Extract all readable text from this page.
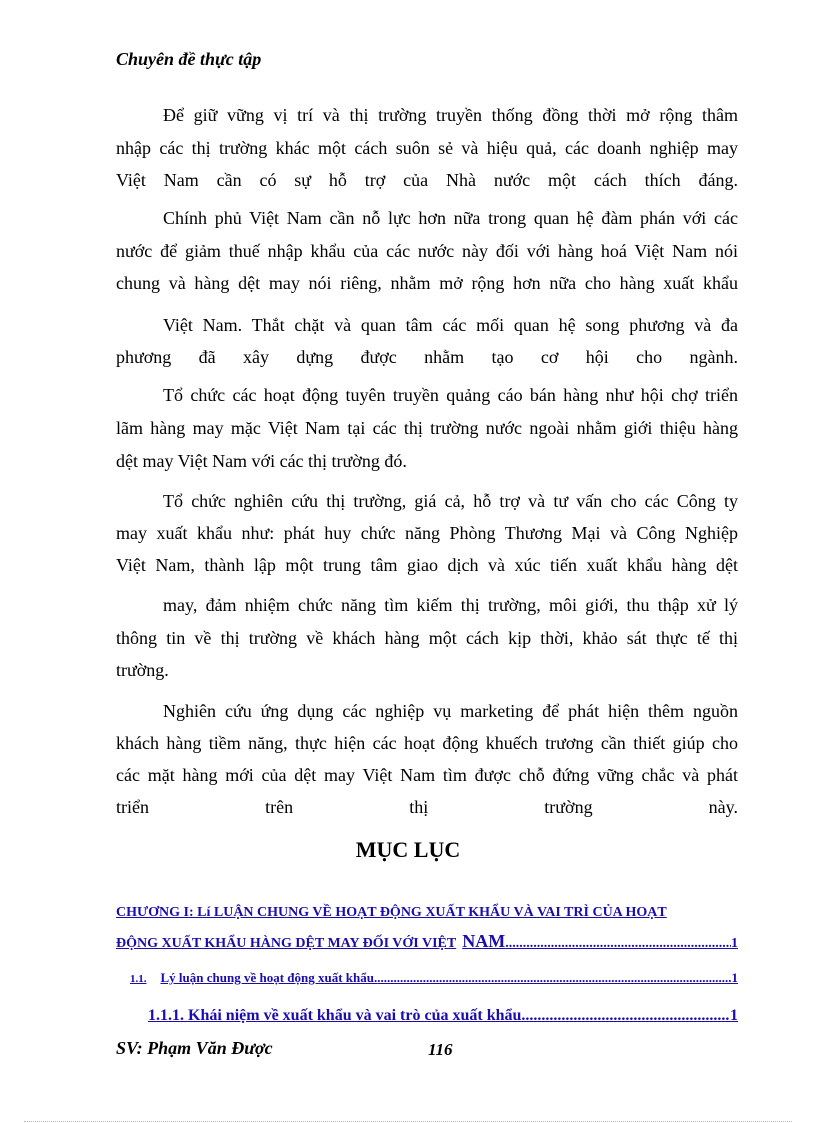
Chuyên đề thực tập
Để giữ vững vị trí và thị trường truyền thống đồng thời mở rộng thâm
nhập các thị trường khác một cách suôn sẻ và hiệu quả, các doanh nghiệp may
Việt Nam cần có sự hỗ trợ của Nhà nước một cách thích đáng.
Chính phủ Việt Nam cần nỗ lực hơn nữa trong quan hệ đàm phán với các
nước để giảm thuế nhập khẩu của các nước này đối với hàng hoá Việt Nam nói
chung và hàng dệt may nói riêng, nhằm mở rộng hơn nữa cho hàng xuất khẩu
Việt Nam. Thắt chặt và quan tâm các mối quan hệ song phương và đa
phương đã xây dựng được nhằm tạo cơ hội cho ngành.
Tổ chức các hoạt động tuyên truyền quảng cáo bán hàng như hội chợ triển
lãm hàng may mặc Việt Nam tại các thị trường nước ngoài nhằm giới thiệu hàng
dệt may Việt Nam với các thị trường đó.
Tổ chức nghiên cứu thị trường, giá cả, hỗ trợ và tư vấn cho các Công ty
may xuất khẩu như: phát huy chức năng Phòng Thương Mại và Công Nghiệp
Việt Nam, thành lập một trung tâm giao dịch và xúc tiến xuất khẩu hàng dệt
may, đảm nhiệm chức năng tìm kiếm thị trường, môi giới, thu thập xử lý
thông tin về thị trường về khách hàng một cách kịp thời, khảo sát thực tế thị
trường.
Nghiên cứu ứng dụng các nghiệp vụ marketing để phát hiện thêm nguồn
khách hàng tiềm năng, thực hiện các hoạt động khuếch trương cần thiết giúp cho
các mặt hàng mới của dệt may Việt Nam tìm được chỗ đứng vững chắc và phát
triển trên thị trường này.
MỤC LỤC
CHƯƠNG I: Lí LUẬN CHUNG VỀ HOẠT ĐỘNG XUẤT KHẨU VÀ VAI TRÌ CỦA HOẠT
ĐỘNG XUẤT KHẨU HÀNG DỆT MAY ĐỐI VỚI VIỆT NAM .....	1
1.1. Lý luận chung về hoạt động xuất khẩu. .....	1
1.1.1. Khái niệm về xuất khẩu và vai trò của xuất khẩu .....	1
SV: Phạm Văn Được	116
